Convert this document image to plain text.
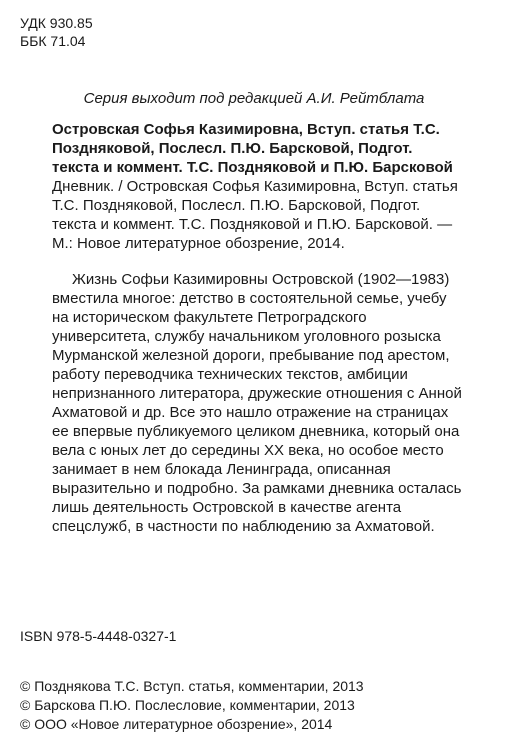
УДК 930.85
ББК 71.04
Серия выходит под редакцией А.И. Рейтблата
Островская Софья Казимировна, Вступ. статья Т.С.
Поздняковой, Послесл. П.Ю. Барсковой, Подгот.
текста и коммент. Т.С. Поздняковой и П.Ю. Барсковой
Дневник. / Островская Софья Казимировна, Вступ. статья
Т.С. Поздняковой, Послесл. П.Ю. Барсковой, Подгот.
текста и коммент. Т.С. Поздняковой и П.Ю. Барсковой. —
М.: Новое литературное обозрение, 2014.
Жизнь Софьи Казимировны Островской (1902—1983)
вместила многое: детство в состоятельной семье, учебу
на историческом факультете Петроградского
университета, службу начальником уголовного розыска
Мурманской железной дороги, пребывание под арестом,
работу переводчика технических текстов, амбиции
непризнанного литератора, дружеские отношения с Анной
Ахматовой и др. Все это нашло отражение на страницах
ее впервые публикуемого целиком дневника, который она
вела с юных лет до середины XX века, но особое место
занимает в нем блокада Ленинграда, описанная
выразительно и подробно. За рамками дневника осталась
лишь деятельность Островской в качестве агента
спецслужб, в частности по наблюдению за Ахматовой.
ISBN 978-5-4448-0327-1
© Позднякова Т.С. Вступ. статья, комментарии, 2013
© Барскова П.Ю. Послесловие, комментарии, 2013
© ООО «Новое литературное обозрение», 2014
